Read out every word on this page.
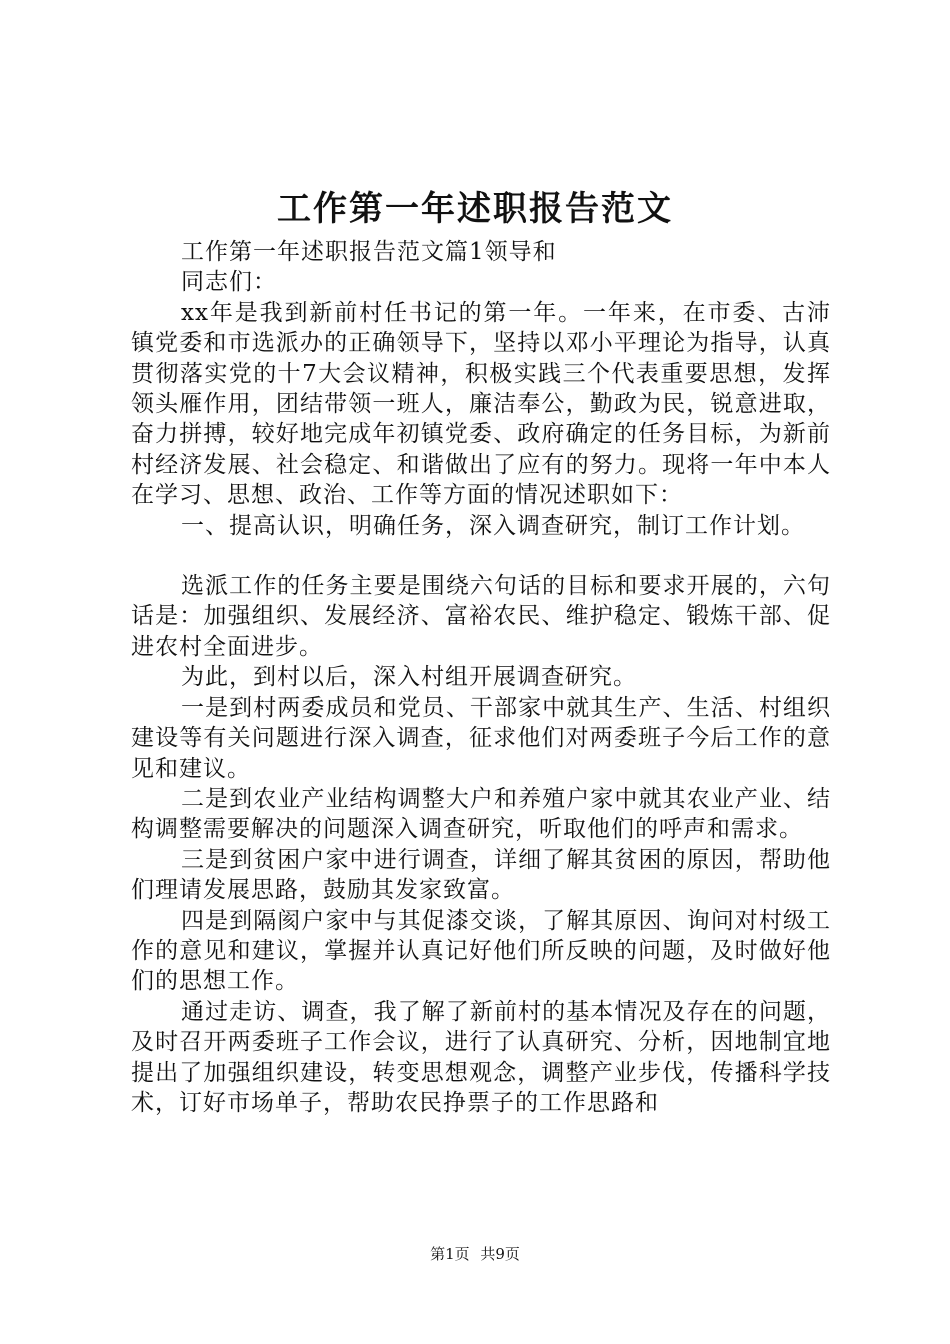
工作第一年述职报告范文

工作第一年述职报告范文篇1领导和

同志们：

xx年是我到新前村任书记的第一年。一年来，在市委、古沛镇党委和市选派办的正确领导下，坚持以邓小平理论为指导，认真贯彻落实党的十7大会议精神，积极实践三个代表重要思想，发挥领头雁作用，团结带领一班人，廉洁奉公，勤政为民，锐意进取，奋力拼搏，较好地完成年初镇党委、政府确定的任务目标，为新前村经济发展、社会稳定、和谐做出了应有的努力。现将一年中本人在学习、思想、政治、工作等方面的情况述职如下：

一、提高认识，明确任务，深入调查研究，制订工作计划。

选派工作的任务主要是围绕六句话的目标和要求开展的，六句话是：加强组织、发展经济、富裕农民、维护稳定、锻炼干部、促进农村全面进步。

为此，到村以后，深入村组开展调查研究。

一是到村两委成员和党员、干部家中就其生产、生活、村组织建设等有关问题进行深入调查，征求他们对两委班子今后工作的意见和建议。

二是到农业产业结构调整大户和养殖户家中就其农业产业、结构调整需要解决的问题深入调查研究，听取他们的呼声和需求。

三是到贫困户家中进行调查，详细了解其贫困的原因，帮助他们理请发展思路，鼓励其发家致富。

四是到隔阂户家中与其促漆交谈，了解其原因、询问对村级工作的意见和建议，掌握并认真记好他们所反映的问题，及时做好他们的思想工作。

通过走访、调查，我了解了新前村的基本情况及存在的问题，及时召开两委班子工作会议，进行了认真研究、分析，因地制宜地提出了加强组织建设，转变思想观念，调整产业步伐，传播科学技术，订好市场单子，帮助农民挣票子的工作思路和

第1页 共9页
